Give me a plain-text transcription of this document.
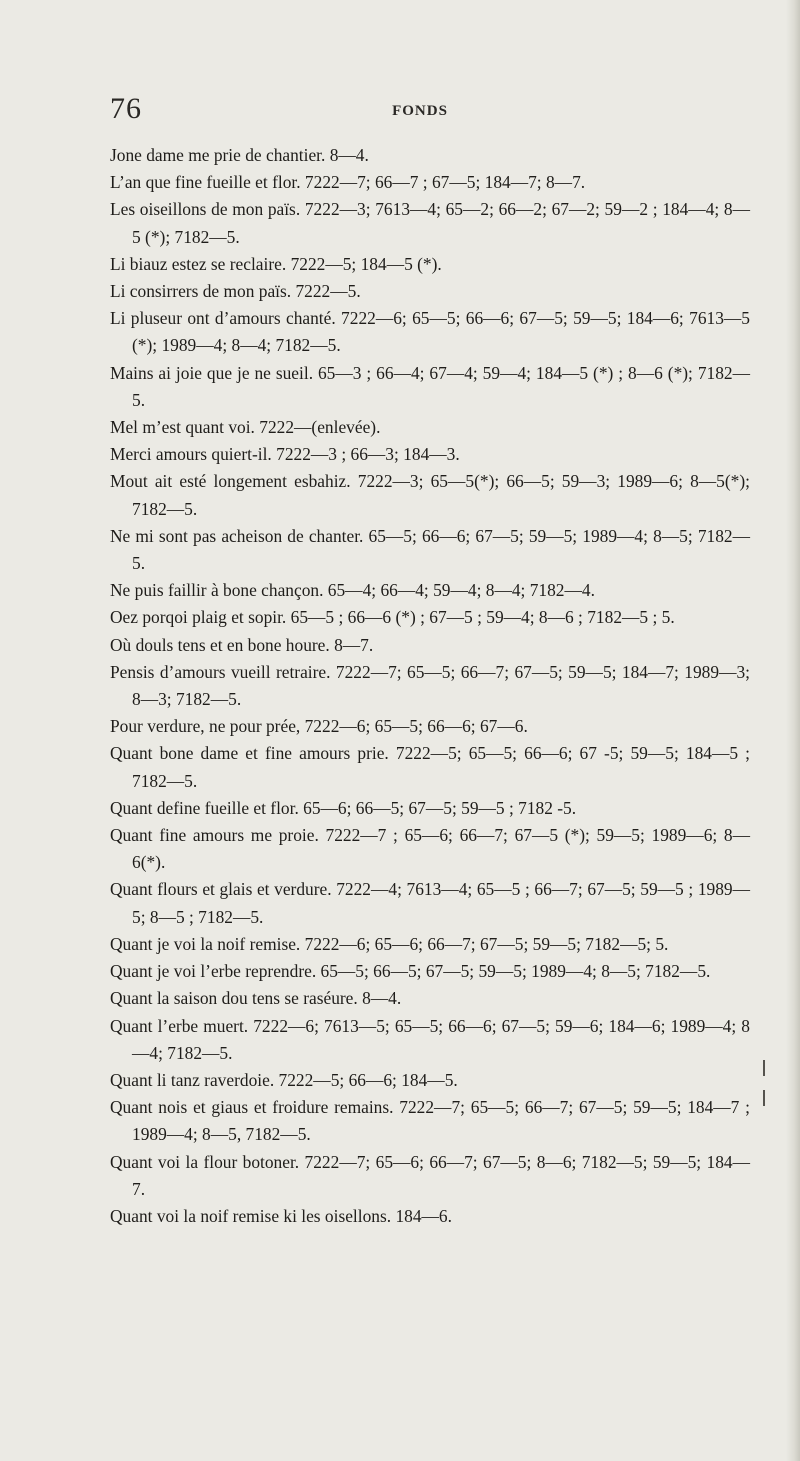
76	FONDS
Jone dame me prie de chantier. 8—4.
L’an que fine fueille et flor. 7222—7; 66—7 ; 67—5; 184—7; 8—7.
Les oiseillons de mon païs. 7222—3; 7613—4; 65—2; 66—2; 67—2; 59—2 ; 184—4; 8—5 (*); 7182—5.
Li biauz estez se reclaire. 7222—5; 184—5 (*).
Li consirrers de mon païs. 7222—5.
Li pluseur ont d’amours chanté. 7222—6; 65—5; 66—6; 67—5; 59—5; 184—6; 7613—5 (*); 1989—4; 8—4; 7182—5.
Mains ai joie que je ne sueil. 65—3 ; 66—4; 67—4; 59—4; 184—5 (*) ; 8—6 (*); 7182—5.
Mel m’est quant voi. 7222—(enlevée).
Merci amours quiert-il. 7222—3 ; 66—3; 184—3.
Mout ait esté longement esbahiz. 7222—3; 65—5(*); 66—5; 59—3; 1989—6; 8—5(*); 7182—5.
Ne mi sont pas acheison de chanter. 65—5; 66—6; 67—5; 59—5; 1989—4; 8—5; 7182—5.
Ne puis faillir à bone chançon. 65—4; 66—4; 59—4; 8—4; 7182—4.
Oez porqoi plaig et sopir. 65—5 ; 66—6 (*) ; 67—5 ; 59—4; 8—6 ; 7182—5 ; 5.
Où douls tens et en bone houre. 8—7.
Pensis d’amours vueill retraire. 7222—7; 65—5; 66—7; 67—5; 59—5; 184—7; 1989—3; 8—3; 7182—5.
Pour verdure, ne pour prée, 7222—6; 65—5; 66—6; 67—6.
Quant bone dame et fine amours prie. 7222—5; 65—5; 66—6; 67 -5; 59—5; 184—5 ; 7182—5.
Quant define fueille et flor. 65—6; 66—5; 67—5; 59—5 ; 7182 -5.
Quant fine amours me proie. 7222—7 ; 65—6; 66—7; 67—5 (*); 59—5; 1989—6; 8—6(*).
Quant flours et glais et verdure. 7222—4; 7613—4; 65—5 ; 66—7; 67—5; 59—5 ; 1989—5; 8—5 ; 7182—5.
Quant je voi la noif remise. 7222—6; 65—6; 66—7; 67—5; 59—5; 7182—5; 5.
Quant je voi l’erbe reprendre. 65—5; 66—5; 67—5; 59—5; 1989—4; 8—5; 7182—5.
Quant la saison dou tens se raséure. 8—4.
Quant l’erbe muert. 7222—6; 7613—5; 65—5; 66—6; 67—5; 59—6; 184—6; 1989—4; 8—4; 7182—5.
Quant li tanz raverdoie. 7222—5; 66—6; 184—5.
Quant nois et giaus et froidure remains. 7222—7; 65—5; 66—7; 67—5; 59—5; 184—7 ; 1989—4; 8—5, 7182—5.
Quant voi la flour botoner. 7222—7; 65—6; 66—7; 67—5; 8—6; 7182—5; 59—5; 184—7.
Quant voi la noif remise ki les oisellons. 184—6.
